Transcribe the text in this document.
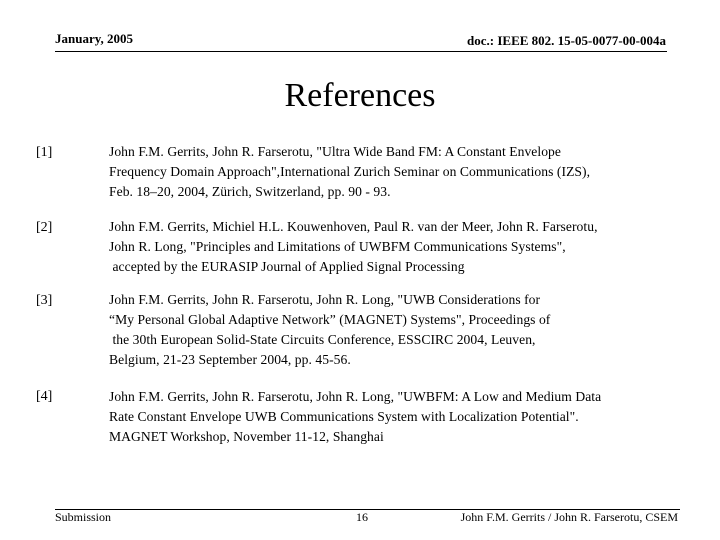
January, 2005	doc.: IEEE 802. 15-05-0077-00-004a
References
[1]	John F.M. Gerrits, John R. Farserotu, "Ultra Wide Band FM: A Constant Envelope
Frequency Domain Approach",International Zurich Seminar on Communications (IZS),
Feb. 18–20, 2004, Zürich, Switzerland, pp. 90 - 93.
[2]	John F.M. Gerrits, Michiel H.L. Kouwenhoven, Paul R. van der Meer, John R. Farserotu,
John R. Long, "Principles and Limitations of UWBFM Communications Systems",
accepted by the EURASIP Journal of Applied Signal Processing
[3]	John F.M. Gerrits, John R. Farserotu, John R. Long, "UWB Considerations for
“My Personal Global Adaptive Network” (MAGNET) Systems", Proceedings of
the 30th European Solid-State Circuits Conference, ESSCIRC 2004, Leuven,
Belgium, 21-23 September 2004, pp. 45-56.
[4]	John F.M. Gerrits, John R. Farserotu, John R. Long, "UWBFM: A Low and Medium Data
Rate Constant Envelope UWB Communications System with Localization Potential".
MAGNET Workshop, November 11-12, Shanghai
Submission	16	John F.M. Gerrits / John R. Farserotu, CSEM
